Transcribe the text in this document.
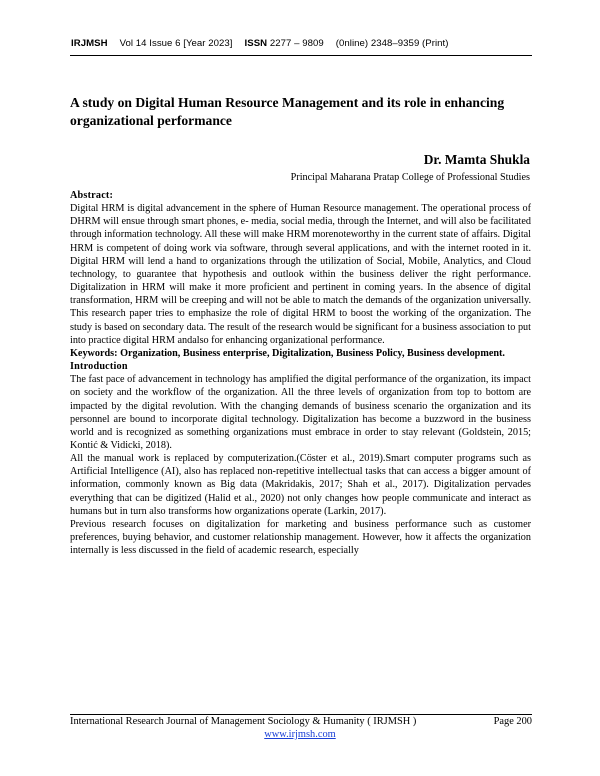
IRJMSH Vol 14 Issue 6 [Year 2023] ISSN 2277 – 9809 (0nline) 2348–9359 (Print)
A study on Digital Human Resource Management and its role in enhancing organizational performance
Dr. Mamta Shukla
Principal Maharana Pratap College of Professional Studies
Abstract:

Digital HRM is digital advancement in the sphere of Human Resource management. The operational process of DHRM will ensue through smart phones, e- media, social media, through the Internet, and will also be facilitated through information technology. All these will make HRM morenoteworthy in the current state of affairs. Digital HRM is competent of doing work via software, through several applications, and with the internet rooted in it. Digital HRM will lend a hand to organizations through the utilization of Social, Mobile, Analytics, and Cloud technology, to guarantee that hypothesis and outlook within the business deliver the right performance. Digitalization in HRM will make it more proficient and pertinent in coming years. In the absence of digital transformation, HRM will be creeping and will not be able to match the demands of the organization universally. This research paper tries to emphasize the role of digital HRM to boost the working of the organization. The study is based on secondary data. The result of the research would be significant for a business association to put into practice digital HRM andalso for enhancing organizational performance.

Keywords: Organization, Business enterprise, Digitalization, Business Policy, Business development.

Introduction

The fast pace of advancement in technology has amplified the digital performance of the organization, its impact on society and the workflow of the organization. All the three levels of organization from top to bottom are impacted by the digital revolution. With the changing demands of business scenario the organization and its personnel are bound to incorporate digital technology. Digitalization has become a buzzword in the business world and is recognized as something organizations must embrace in order to stay relevant (Goldstein, 2015; Kontić & Vidicki, 2018).

All the manual work is replaced by computerization.(Cöster et al., 2019).Smart computer programs such as Artificial Intelligence (AI), also has replaced non-repetitive intellectual tasks that can access a bigger amount of information, commonly known as Big data (Makridakis, 2017; Shah et al., 2017). Digitalization pervades everything that can be digitized (Halid et al., 2020) not only changes how people communicate and interact as humans but in turn also transforms how organizations operate (Larkin, 2017).

Previous research focuses on digitalization for marketing and business performance such as customer preferences, buying behavior, and customer relationship management. However, how it affects the organization internally is less discussed in the field of academic research, especially

International Research Journal of Management Sociology & Humanity ( IRJMSH )	Page 200
www.irjmsh.com
